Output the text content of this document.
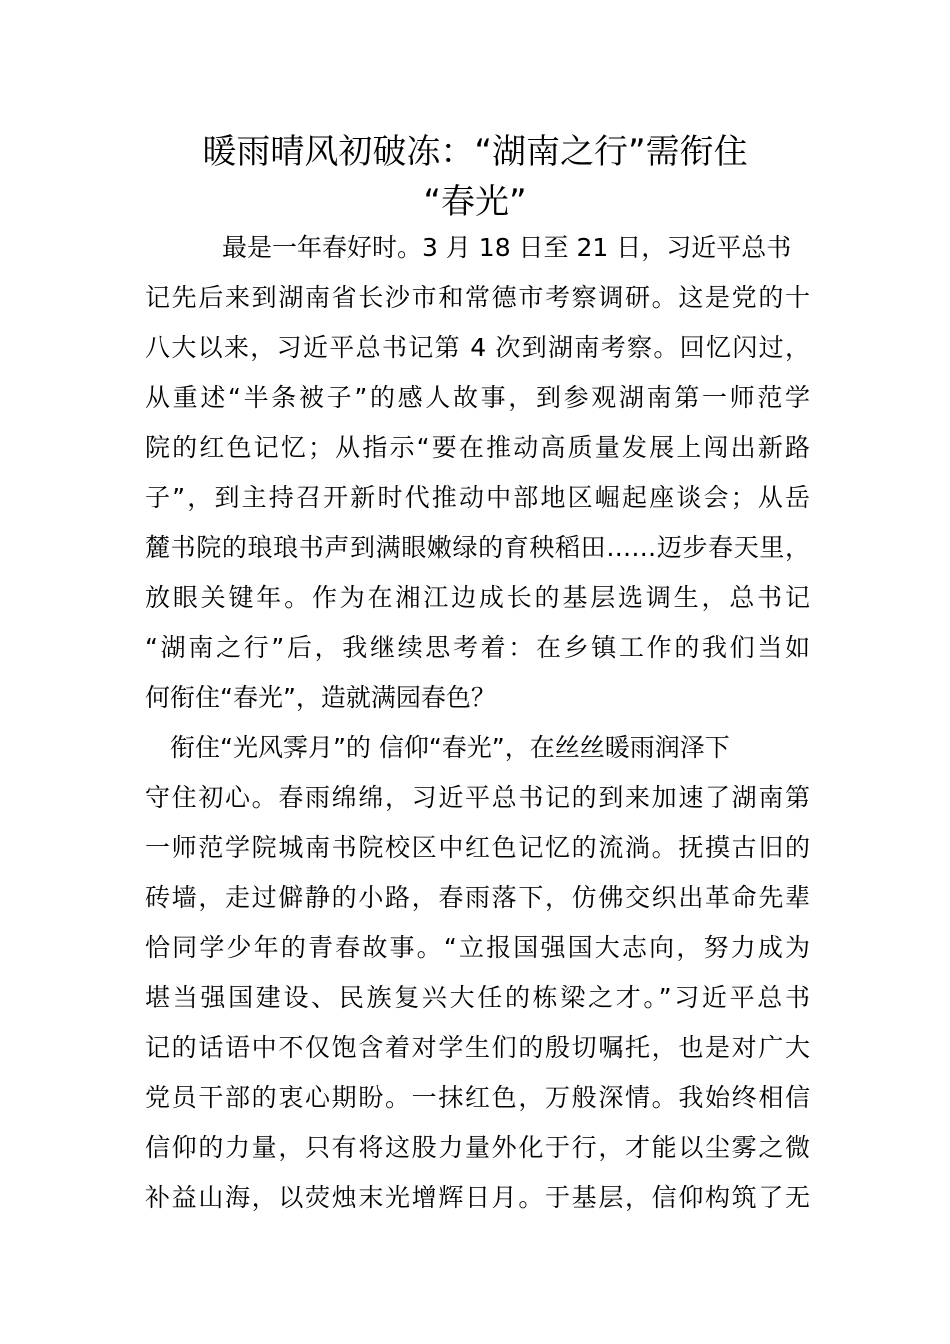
暖雨晴风初破冻：“湖南之行”需衔住
“春光”

最是一年春好时。3 月 18 日至 21 日，习近平总书

记先后来到湖南省长沙市和常德市考察调研。这是党的十

八大以来，习近平总书记第 4 次到湖南考察。回忆闪过，

从重述“半条被子”的感人故事，到参观湖南第一师范学

院的红色记忆；从指示“要在推动高质量发展上闯出新路

子”，到主持召开新时代推动中部地区崛起座谈会；从岳

麓书院的琅琅书声到满眼嫩绿的育秧稻田……迈步春天里，

放眼关键年。作为在湘江边成长的基层选调生，总书记

“湖南之行”后，我继续思考着：在乡镇工作的我们当如

何衔住“春光”，造就满园春色？

衔住“光风霁月”的 信仰“春光”，在丝丝暖雨润泽下

守住初心。春雨绵绵，习近平总书记的到来加速了湖南第

一师范学院城南书院校区中红色记忆的流淌。抚摸古旧的

砖墙，走过僻静的小路，春雨落下，仿佛交织出革命先辈

恰同学少年的青春故事。“立报国强国大志向，努力成为

堪当强国建设、民族复兴大任的栋梁之才。”习近平总书

记的话语中不仅饱含着对学生们的殷切嘱托，也是对广大

党员干部的衷心期盼。一抹红色，万般深情。我始终相信

信仰的力量，只有将这股力量外化于行，才能以尘雾之微

补益山海，以荧烛末光增辉日月。于基层，信仰构筑了无
